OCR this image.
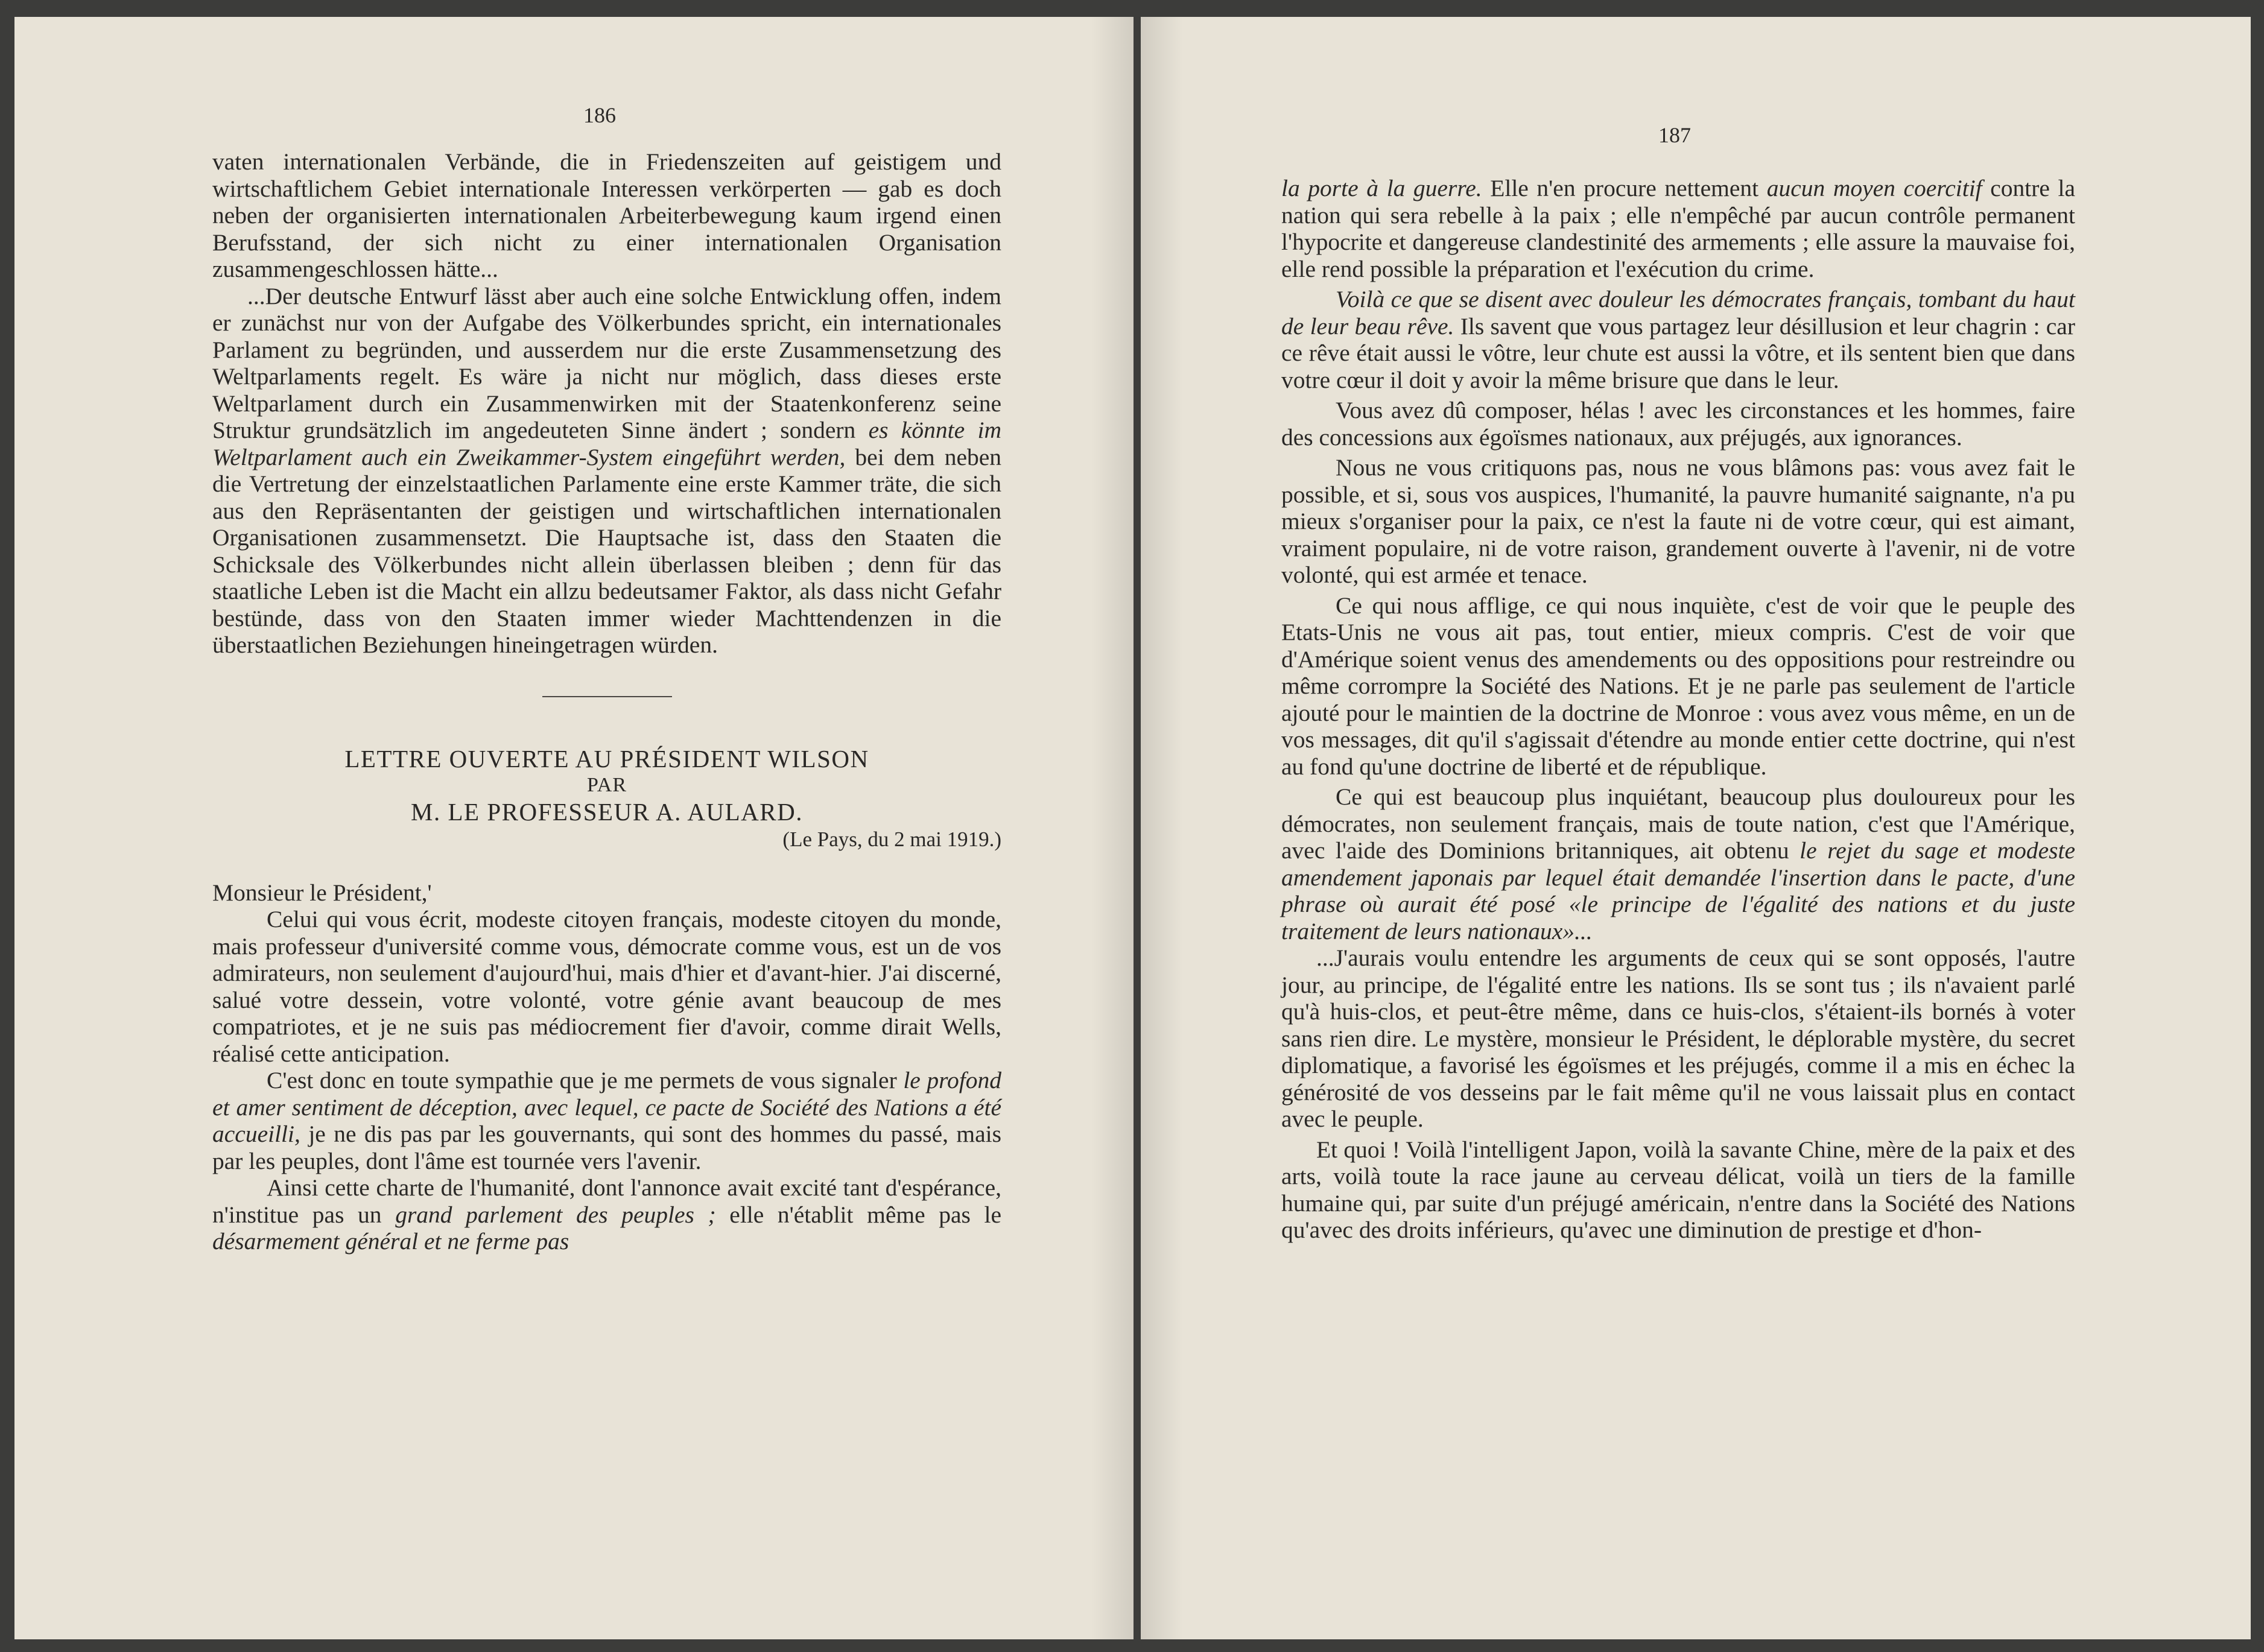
186

vaten internationalen Verbände, die in Friedenszeiten auf geistigem und wirtschaftlichem Gebiet internationale Interessen verkörperten — gab es doch neben der organisierten internationalen Arbeiterbewegung kaum irgend einen Berufsstand, der sich nicht zu einer internationalen Organisation zusammengeschlossen hätte...

...Der deutsche Entwurf lässt aber auch eine solche Entwicklung offen, indem er zunächst nur von der Aufgabe des Völkerbundes spricht, ein internationales Parlament zu begründen, und ausserdem nur die erste Zusammensetzung des Weltparlaments regelt. Es wäre ja nicht nur möglich, dass dieses erste Weltparlament durch ein Zusammenwirken mit der Staatenkonferenz seine Struktur grundsätzlich im angedeuteten Sinne ändert ; sondern es könnte im Weltparlament auch ein Zweikammer-System eingeführt werden, bei dem neben die Vertretung der einzelstaatlichen Parlamente eine erste Kammer träte, die sich aus den Repräsentanten der geistigen und wirtschaftlichen internationalen Organisationen zusammensetzt. Die Hauptsache ist, dass den Staaten die Schicksale des Völkerbundes nicht allein überlassen bleiben ; denn für das staatliche Leben ist die Macht ein allzu bedeutsamer Faktor, als dass nicht Gefahr bestünde, dass von den Staaten immer wieder Machttendenzen in die überstaatlichen Beziehungen hineingetragen würden.

LETTRE OUVERTE AU PRÉSIDENT WILSON

PAR

M. LE PROFESSEUR A. AULARD.

(Le Pays, du 2 mai 1919.)

Monsieur le Président,'

Celui qui vous écrit, modeste citoyen français, modeste citoyen du monde, mais professeur d'université comme vous, démocrate comme vous, est un de vos admirateurs, non seulement d'aujourd'hui, mais d'hier et d'avant-hier. J'ai discerné, salué votre dessein, votre volonté, votre génie avant beaucoup de mes compatriotes, et je ne suis pas médiocrement fier d'avoir, comme dirait Wells, réalisé cette anticipation.

C'est donc en toute sympathie que je me permets de vous signaler le profond et amer sentiment de déception, avec lequel, ce pacte de Société des Nations a été accueilli, je ne dis pas par les gouvernants, qui sont des hommes du passé, mais par les peuples, dont l'âme est tournée vers l'avenir.

Ainsi cette charte de l'humanité, dont l'annonce avait excité tant d'espérance, n'institue pas un grand parlement des peuples ; elle n'établit même pas le désarmement général et ne ferme pas

187

la porte à la guerre. Elle n'en procure nettement aucun moyen coercitif contre la nation qui sera rebelle à la paix ; elle n'empêché par aucun contrôle permanent l'hypocrite et dangereuse clandestinité des armements ; elle assure la mauvaise foi, elle rend possible la préparation et l'exécution du crime.

Voilà ce que se disent avec douleur les démocrates français, tombant du haut de leur beau rêve. Ils savent que vous partagez leur désillusion et leur chagrin : car ce rêve était aussi le vôtre, leur chute est aussi la vôtre, et ils sentent bien que dans votre cœur il doit y avoir la même brisure que dans le leur.

Vous avez dû composer, hélas ! avec les circonstances et les hommes, faire des concessions aux égoïsmes nationaux, aux préjugés, aux ignorances.

Nous ne vous critiquons pas, nous ne vous blâmons pas: vous avez fait le possible, et si, sous vos auspices, l'humanité, la pauvre humanité saignante, n'a pu mieux s'organiser pour la paix, ce n'est la faute ni de votre cœur, qui est aimant, vraiment populaire, ni de votre raison, grandement ouverte à l'avenir, ni de votre volonté, qui est armée et tenace.

Ce qui nous afflige, ce qui nous inquiète, c'est de voir que le peuple des Etats-Unis ne vous ait pas, tout entier, mieux compris. C'est de voir que d'Amérique soient venus des amendements ou des oppositions pour restreindre ou même corrompre la Société des Nations. Et je ne parle pas seulement de l'article ajouté pour le maintien de la doctrine de Monroe : vous avez vous même, en un de vos messages, dit qu'il s'agissait d'étendre au monde entier cette doctrine, qui n'est au fond qu'une doctrine de liberté et de république.

Ce qui est beaucoup plus inquiétant, beaucoup plus douloureux pour les démocrates, non seulement français, mais de toute nation, c'est que l'Amérique, avec l'aide des Dominions britanniques, ait obtenu le rejet du sage et modeste amendement japonais par lequel était demandée l'insertion dans le pacte, d'une phrase où aurait été posé «le principe de l'égalité des nations et du juste traitement de leurs nationaux»...

...J'aurais voulu entendre les arguments de ceux qui se sont opposés, l'autre jour, au principe, de l'égalité entre les nations. Ils se sont tus ; ils n'avaient parlé qu'à huis-clos, et peut-être même, dans ce huis-clos, s'étaient-ils bornés à voter sans rien dire. Le mystère, monsieur le Président, le déplorable mystère, du secret diplomatique, a favorisé les égoïsmes et les préjugés, comme il a mis en échec la générosité de vos desseins par le fait même qu'il ne vous laissait plus en contact avec le peuple.

Et quoi ! Voilà l'intelligent Japon, voilà la savante Chine, mère de la paix et des arts, voilà toute la race jaune au cerveau délicat, voilà un tiers de la famille humaine qui, par suite d'un préjugé américain, n'entre dans la Société des Nations qu'avec des droits inférieurs, qu'avec une diminution de prestige et d'hon-
